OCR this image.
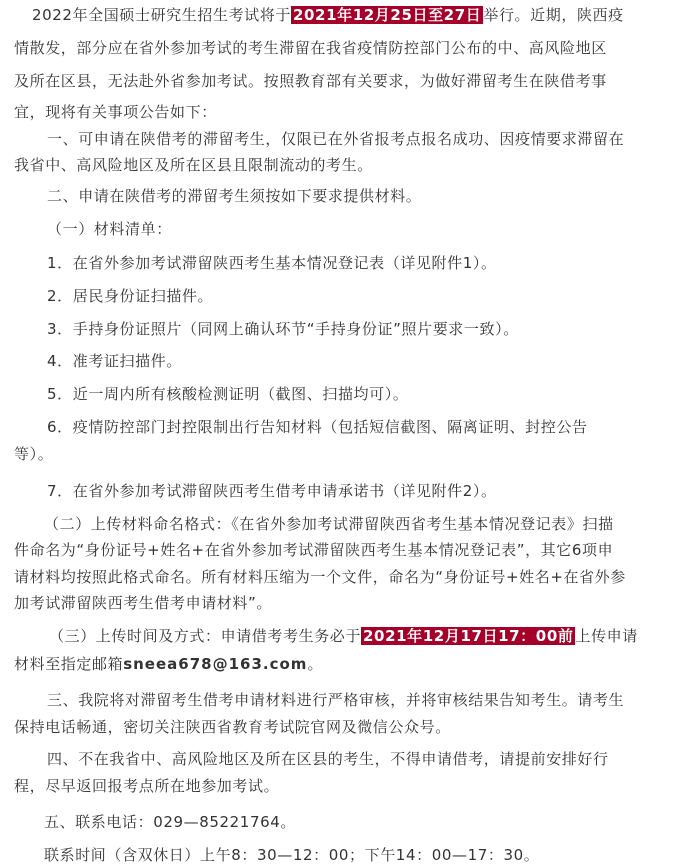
2022年全国硕士研究生招生考试将于 2021年12月25日至27日 举行。近期，陕西疫
情散发，部分应在省外参加考试的考生滞留在我省疫情防控部门公布的中、高风险地区
及所在区县，无法赴外省参加考试。按照教育部有关要求，为做好滞留考生在陕借考事
宜，现将有关事项公告如下：
一、可申请在陕借考的滞留考生，仅限已在外省报考点报名成功、因疫情要求滞留在
我省中、高风险地区及所在区县且限制流动的考生。
二、申请在陕借考的滞留考生须按如下要求提供材料。
（一）材料清单：
1．在省外参加考试滞留陕西考生基本情况登记表（详见附件1）。
2．居民身份证扫描件。
3．手持身份证照片（同网上确认环节“手持身份证”照片要求一致）。
4．准考证扫描件。
5．近一周内所有核酸检测证明（截图、扫描均可）。
6．疫情防控部门封控限制出行告知材料（包括短信截图、隔离证明、封控公告
等）。
7．在省外参加考试滞留陕西考生借考申请承诺书（详见附件2）。
（二）上传材料命名格式：《在省外参加考试滞留陕西省考生基本情况登记表》扫描
件命名为“身份证号+姓名+在省外参加考试滞留陕西考生基本情况登记表”，其它6项申
请材料均按照此格式命名。所有材料压缩为一个文件，命名为“身份证号+姓名+在省外参
加考试滞留陕西考生借考申请材料”。
（三）上传时间及方式：申请借考考生务必于 2021年12月17日17：00前 上传申请
材料至指定邮箱sneea678@163.com。
三、我院将对滞留考生借考申请材料进行严格审核，并将审核结果告知考生。请考生
保持电话畅通，密切关注陕西省教育考试院官网及微信公众号。
四、不在我省中、高风险地区及所在区县的考生，不得申请借考，请提前安排好行
程，尽早返回报考点所在地参加考试。
五、联系电话：029—85221764。
联系时间（含双休日）上午8：30—12：00；下午14：00—17：30。
